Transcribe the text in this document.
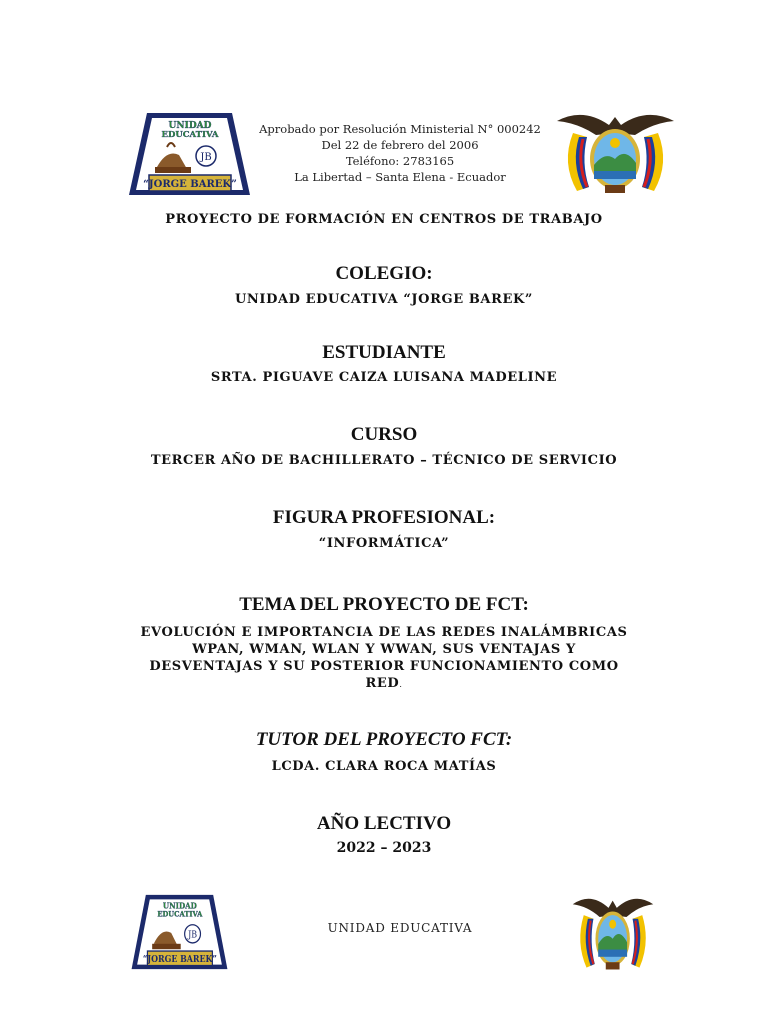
“JORGE BAREK”
UNIDAD
EDUCATIVA
JB
Aprobado por Resolución Ministerial N° 000242
Del 22 de febrero del 2006
Teléfono: 2783165
La Libertad – Santa Elena - Ecuador
PROYECTO DE FORMACIÓN EN CENTROS DE TRABAJO
COLEGIO:
UNIDAD EDUCATIVA “JORGE BAREK”
ESTUDIANTE
SRTA. PIGUAVE CAIZA LUISANA MADELINE
CURSO
TERCER AÑO DE BACHILLERATO – TÉCNICO DE SERVICIO
FIGURA PROFESIONAL:
“INFORMÁTICA”
TEMA DEL PROYECTO DE FCT:
EVOLUCIÓN E IMPORTANCIA DE LAS REDES INALÁMBRICAS
WPAN, WMAN, WLAN Y WWAN, SUS VENTAJAS Y
DESVENTAJAS Y SU POSTERIOR FUNCIONAMIENTO COMO
RED.
TUTOR DEL PROYECTO FCT:
LCDA. CLARA ROCA MATÍAS
AÑO LECTIVO
2022 – 2023
“JORGE BAREK”
UNIDAD
EDUCATIVA
JB
UNIDAD EDUCATIVA
